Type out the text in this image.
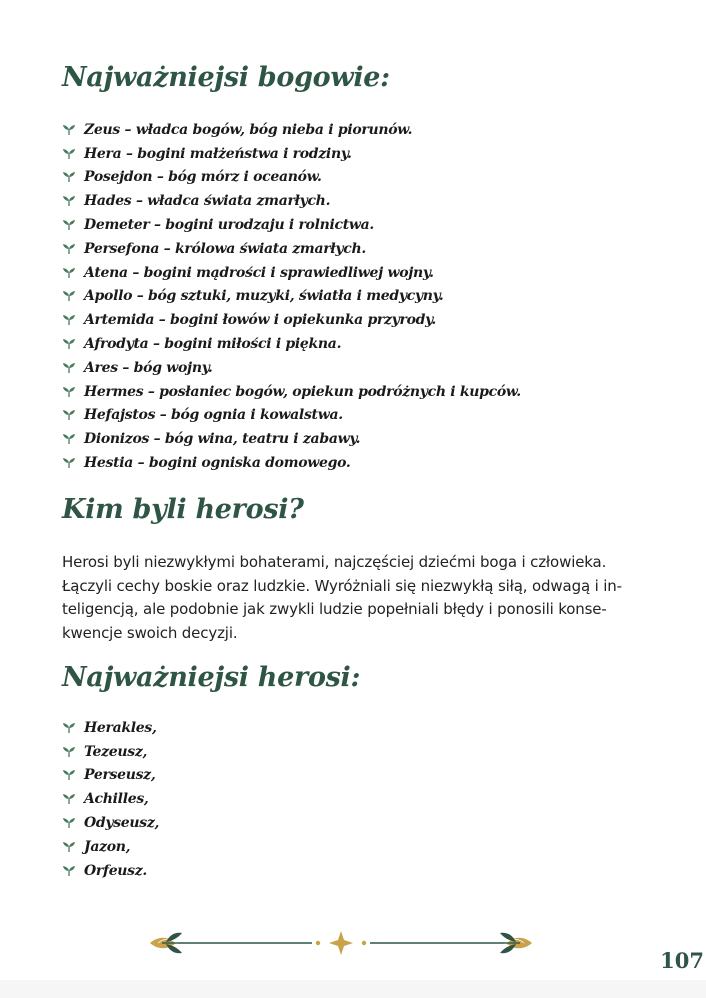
Najważniejsi bogowie:
Zeus – władca bogów, bóg nieba i piorunów.
Hera – bogini małżeństwa i rodziny.
Posejdon – bóg mórz i oceanów.
Hades – władca świata zmarłych.
Demeter – bogini urodzaju i rolnictwa.
Persefona – królowa świata zmarłych.
Atena – bogini mądrości i sprawiedliwej wojny.
Apollo – bóg sztuki, muzyki, światła i medycyny.
Artemida – bogini łowów i opiekunka przyrody.
Afrodyta – bogini miłości i piękna.
Ares – bóg wojny.
Hermes – posłaniec bogów, opiekun podróżnych i kupców.
Hefajstos – bóg ognia i kowalstwa.
Dionizos – bóg wina, teatru i zabawy.
Hestia – bogini ogniska domowego.
Kim byli herosi?

Herosi byli niezwykłymi bohaterami, najczęściej dziećmi boga i człowieka.
Łączyli cechy boskie oraz ludzkie. Wyróżniali się niezwykłą siłą, odwagą i in-
teligencją, ale podobnie jak zwykli ludzie popełniali błędy i ponosili konse-
kwencje swoich decyzji.

Najważniejsi herosi:
Herakles,
Tezeusz,
Perseusz,
Achilles,
Odyseusz,
Jazon,
Orfeusz.
107
